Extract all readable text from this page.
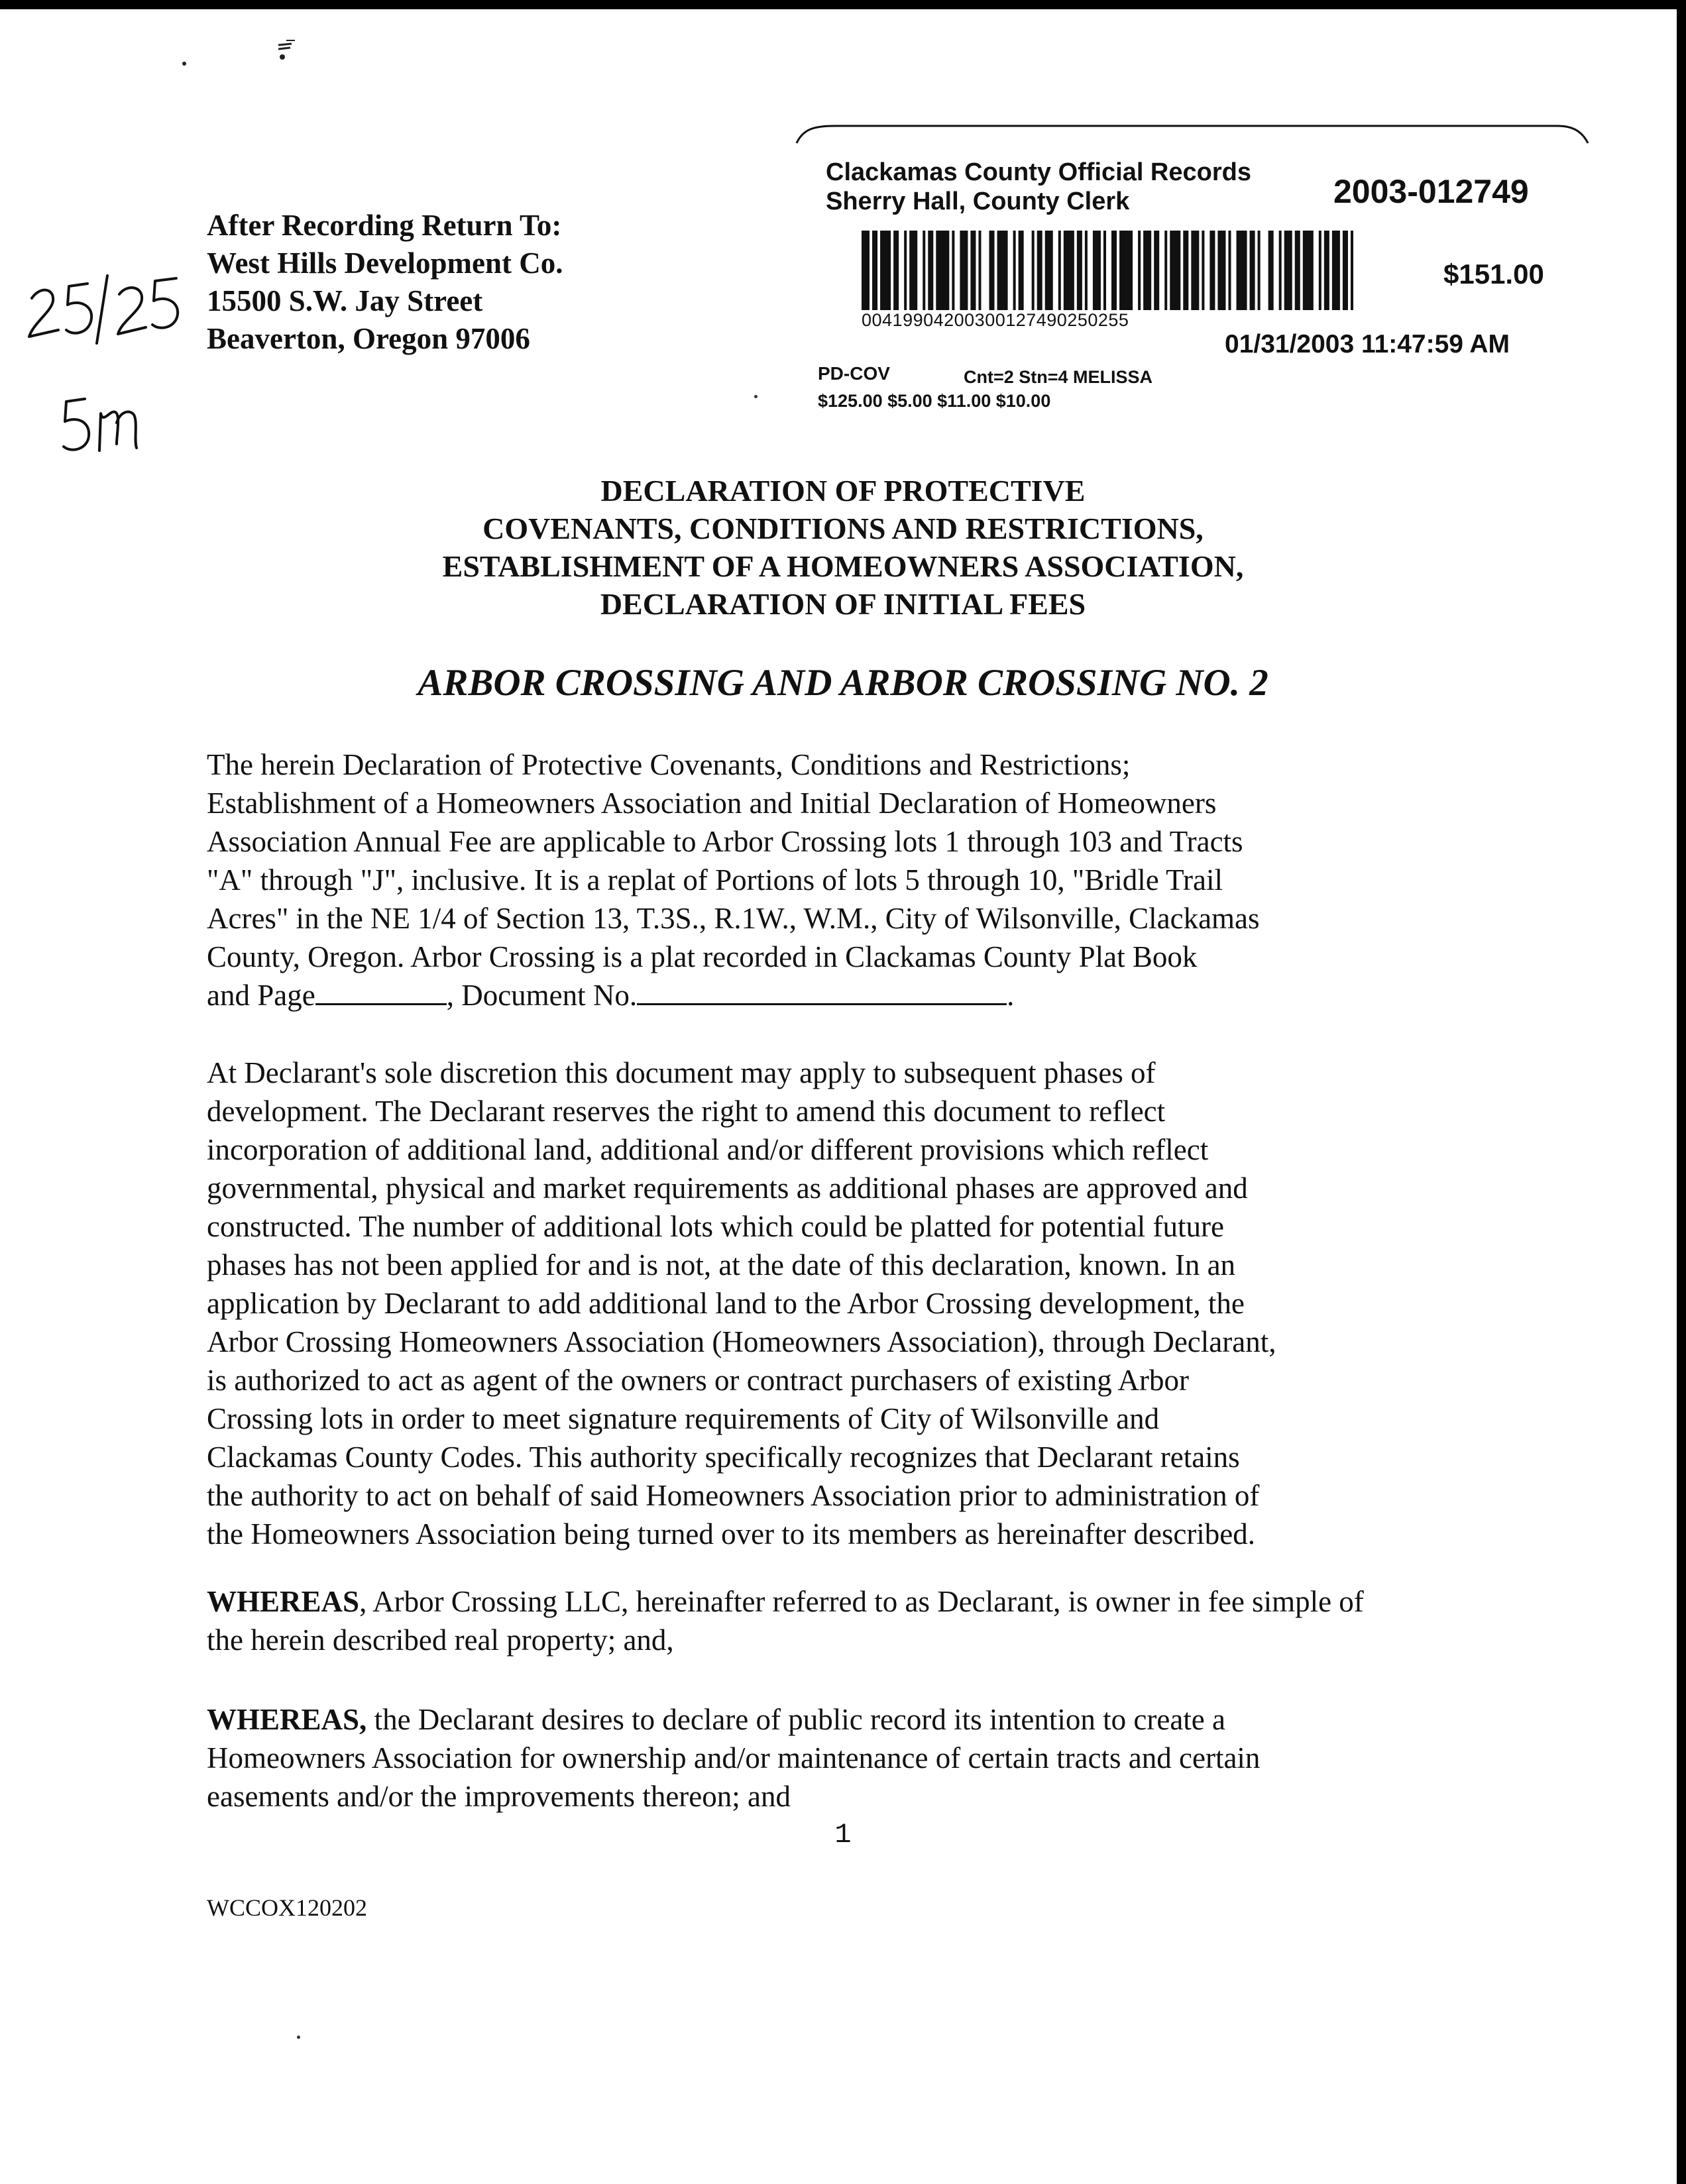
After Recording Return To:
West Hills Development Co.
15500 S.W. Jay Street
Beaverton, Oregon 97006
Clackamas County Official Records
Sherry Hall, County Clerk	2003-012749
00419904200300127490250255
$151.00
01/31/2003 11:47:59 AM
PD-COV	Cnt=2 Stn=4 MELISSA
$125.00 $5.00 $11.00 $10.00
DECLARATION OF PROTECTIVE
COVENANTS, CONDITIONS AND RESTRICTIONS,
ESTABLISHMENT OF A HOMEOWNERS ASSOCIATION,
DECLARATION OF INITIAL FEES
ARBOR CROSSING AND ARBOR CROSSING NO. 2
The herein Declaration of Protective Covenants, Conditions and Restrictions;
Establishment of a Homeowners Association and Initial Declaration of Homeowners
Association Annual Fee are applicable to Arbor Crossing lots 1 through 103 and Tracts
"A" through "J", inclusive. It is a replat of Portions of lots 5 through 10, "Bridle Trail
Acres" in the NE 1/4 of Section 13, T.3S., R.1W., W.M., City of Wilsonville, Clackamas
County, Oregon. Arbor Crossing is a plat recorded in Clackamas County Plat Book
and Page	, Document No.	.
At Declarant's sole discretion this document may apply to subsequent phases of
development. The Declarant reserves the right to amend this document to reflect
incorporation of additional land, additional and/or different provisions which reflect
governmental, physical and market requirements as additional phases are approved and
constructed. The number of additional lots which could be platted for potential future
phases has not been applied for and is not, at the date of this declaration, known. In an
application by Declarant to add additional land to the Arbor Crossing development, the
Arbor Crossing Homeowners Association (Homeowners Association), through Declarant,
is authorized to act as agent of the owners or contract purchasers of existing Arbor
Crossing lots in order to meet signature requirements of City of Wilsonville and
Clackamas County Codes. This authority specifically recognizes that Declarant retains
the authority to act on behalf of said Homeowners Association prior to administration of
the Homeowners Association being turned over to its members as hereinafter described.
WHEREAS, Arbor Crossing LLC, hereinafter referred to as Declarant, is owner in fee simple of
the herein described real property; and,
WHEREAS, the Declarant desires to declare of public record its intention to create a
Homeowners Association for ownership and/or maintenance of certain tracts and certain
easements and/or the improvements thereon; and
1
WCCOX120202
